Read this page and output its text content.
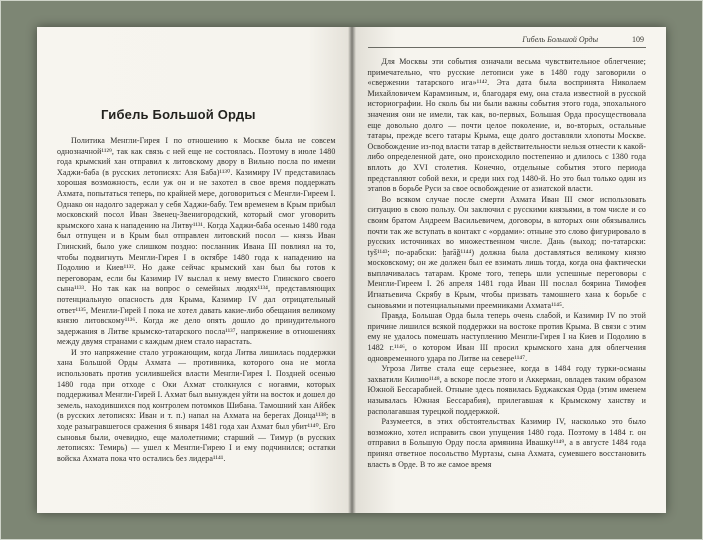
Гибель Большой Орды

Политика Менгли-Гирея I по отношению к Москве была не совсем однозначной¹¹²⁹, так как связь с ней еще не состоялась. Поэтому в июле 1480 года крымский хан отправил к литовскому двору в Вильно посла по имени Хаджи-баба (в русских летописях: Азя Баба)¹¹³⁰. Казимиру IV представилась хорошая возможность, если уж он и не захотел в свое время поддержать Ахмата, попытаться теперь, по крайней мере, договориться с Менгли-Гиреем I. Однако он надолго задержал у себя Хаджи-бабу. Тем временем в Крым прибыл московский посол Иван Звенец-Звенигородский, который смог уговорить крымского хана к нападению на Литву¹¹³¹. Когда Хаджи-баба осенью 1480 года был отпущен и в Крым был отправлен литовский посол — князь Иван Глинский, было уже слишком поздно: посланник Ивана III повлиял на то, чтобы подвигнуть Менгли-Гирея I в октябре 1480 года к нападению на Подолию и Киев¹¹³². Но даже сейчас крымский хан был бы готов к переговорам, если бы Казимир IV выслал к нему вместо Глинского своего сына¹¹³³. Но так как на вопрос о семейных людях¹¹³⁴, представляющих потенциальную опасность для Крыма, Казимир IV дал отрицательный ответ¹¹³⁵, Менгли-Гирей I пока не хотел давать какие-либо обещания великому князю литовскому¹¹³⁶. Когда же дело опять дошло до принудительного задержания в Литве крымско-татарского посла¹¹³⁷, напряжение в отношениях между двумя странами с каждым днем стало нарастать.

И это напряжение стало угрожающим, когда Литва лишилась поддержки хана Большой Орды Ахмата — противника, которого она не могла использовать против усилившейся власти Менгли-Гирея I. Поздней осенью 1480 года при отходе с Оки Ахмат столкнулся с ногаями, которых поддерживал Менгли-Гирей I. Ахмат был вынужден уйти на восток и дошел до земель, находившихся под контролем потомков Шибана. Тамошний хан Айбек (в русских летописях: Иван и т. п.) напал на Ахмата на берегах Донца¹¹³⁸; в ходе разыгравшегося сражения 6 января 1481 года хан Ахмат был убит¹¹⁴⁰. Его сыновья были, очевидно, еще малолетними; старший — Тимур (в русских летописях: Темирь) — ушел к Менгли-Гирею I и ему подчинился; остатки войска Ахмата пока что остались без лидера¹¹⁴¹.

Гибель Большой Орды	109

Для Москвы эти события означали весьма чувствительное облегчение; примечательно, что русские летописи уже в 1480 году заговорили о «свержении татарского ига»¹¹⁴². Эта дата была воспринята Николаем Михайловичем Карамзиным, и, благодаря ему, она стала известной в русской историографии. Но сколь бы ни были важны события этого года, эпохального значения они не имели, так как, во-первых, Большая Орда просуществовала еще довольно долго — почти целое поколение, и, во-вторых, остальные татары, прежде всего татары Крыма, еще долго доставляли хлопоты Москве. Освобождение из-под власти татар в действительности нельзя отнести к какой-либо определенной дате, оно происходило постепенно и длилось с 1380 года вплоть до XVI столетия. Конечно, отдельные события этого периода представляют собой вехи, и среди них год 1480-й. Но это был только один из этапов в борьбе Руси за свое освобождение от азиатской власти.

Во всяком случае после смерти Ахмата Иван III смог использовать ситуацию в свою пользу. Он заключил с русскими князьями, в том числе и со своим братом Андреем Васильевичем, договоры, в которых они обязывались почти так же вступать в контакт с «ордами»: отныне это слово фигурировало в русских источниках во множественном числе. Дань (выход; по-татарски: tyš¹¹⁴³; по-арабски: ḫarāǧ¹¹⁴⁴) должна была доставляться великому князю московскому; он же должен был ее взимать лишь тогда, когда она фактически выплачивалась татарам. Кроме того, теперь шли успешные переговоры с Менгли-Гиреем I. 26 апреля 1481 года Иван III послал боярина Тимофея Игнатьевича Скрябу в Крым, чтобы призвать тамошнего хана к борьбе с сыновьями и потенциальными преемниками Ахмата¹¹⁴⁵.

Правда, Большая Орда была теперь очень слабой, и Казимир IV по этой причине лишился всякой поддержки на востоке против Крыма. В связи с этим ему не удалось помешать наступлению Менгли-Гирея I на Киев и Подолию в 1482 г.¹¹⁴⁶, о котором Иван III просил крымского хана для облегчения одновременного удара по Литве на севере¹¹⁴⁷.

Угроза Литве стала еще серьезнее, когда в 1484 году турки-османы захватили Килию¹¹⁴⁸, а вскоре после этого и Аккерман, овладев таким образом Южной Бессарабией. Отныне здесь появилась Буджакская Орда (этим именем называлась Южная Бессарабия), прилегавшая к Крымскому ханству и располагавшая турецкой поддержкой.

Разумеется, в этих обстоятельствах Казимир IV, насколько это было возможно, хотел исправить свои упущения 1480 года. Поэтому в 1484 г. он отправил в Большую Орду посла армянина Ивашку¹¹⁴⁹, а в августе 1484 года принял ответное посольство Муртазы, сына Ахмата, сумевшего восстановить власть в Орде. В то же самое время
